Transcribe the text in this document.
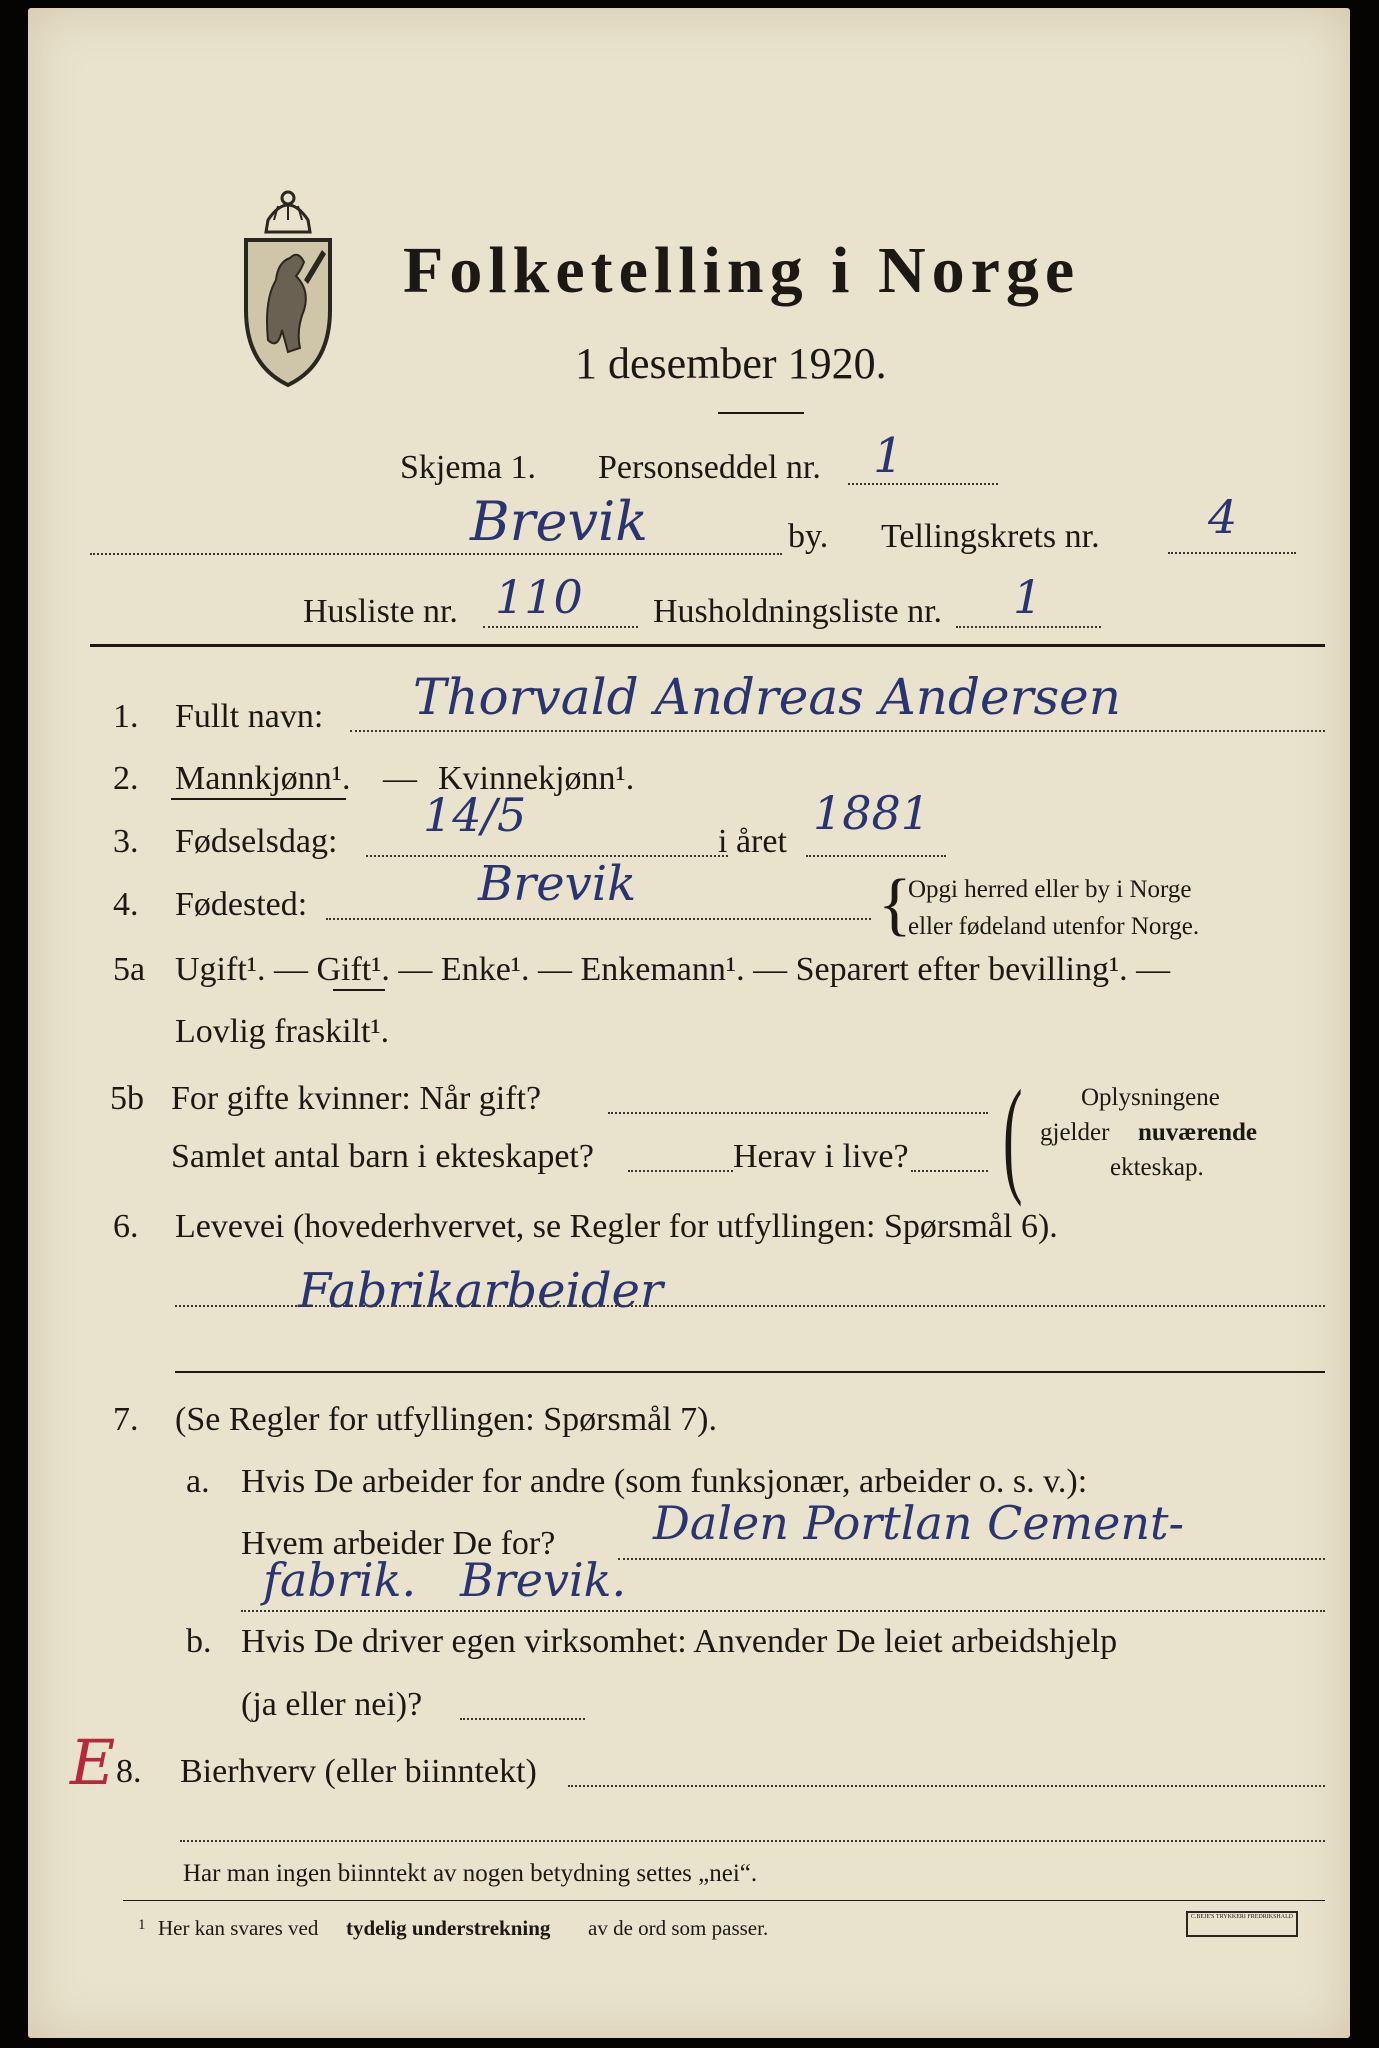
Folketelling i Norge
1 desember 1920.
Skjema 1. Personseddel nr. 1
Brevik	by. Tellingskrets nr. 4
Husliste nr. 110 Husholdningsliste nr. 1
1. Fullt navn: Thorvald Andreas Andersen
2. Mannkjønn¹. — Kvinnekjønn¹.
3. Fødselsdag: 14/5	i året
1881
4. Fødested:	Brevik	{
Opgi herred eller by i Norge
eller fødeland utenfor Norge.
5a Ugift¹. — Gift¹. — Enke¹. — Enkemann¹. — Separert efter bevilling¹. —
Lovlig fraskilt¹.
5b For gifte kvinner: Når gift?
Samlet antal barn i ekteskapet?	Herav i live? ( Oplysningene
gjelder nuværende
ekteskap.
6. Levevei (hovederhvervet, se Regler for utfyllingen: Spørsmål 6).
Fabrikarbeider
7. (Se Regler for utfyllingen: Spørsmål 7).
a. Hvis De arbeider for andre (som funksjonær, arbeider o. s. v.):
Hvem arbeider De for? Dalen Portlan Cement-
fabrik.   Brevik.
b. Hvis De driver egen virksomhet: Anvender De leiet arbeidshjelp
(ja eller nei)?
E 8. Bierhverv (eller biinntekt)
Har man ingen biinntekt av nogen betydning settes „nei“.
1 Her kan svares ved tydelig understrekning av de ord som passer.	C.BEJE'S TRYKKERI FREDRIKSHALD
